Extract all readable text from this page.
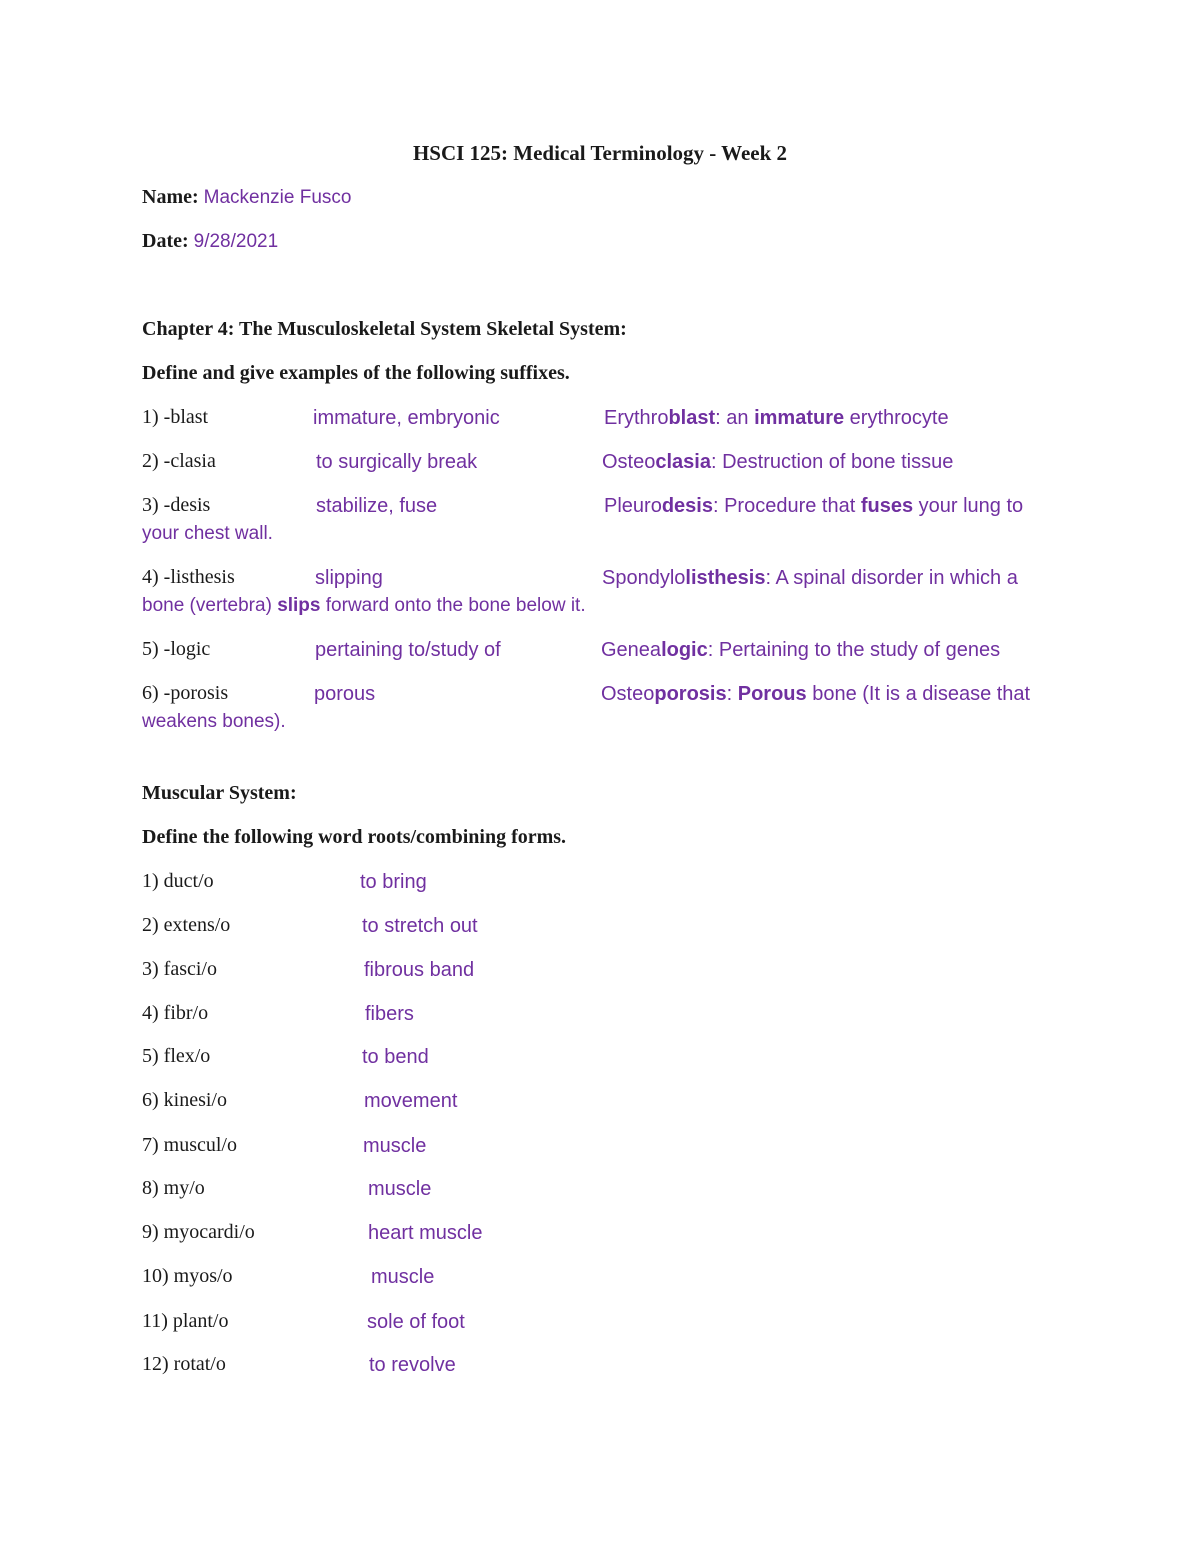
HSCI 125: Medical Terminology - Week 2
Name: Mackenzie Fusco
Date: 9/28/2021
Chapter 4: The Musculoskeletal System Skeletal System:
Define and give examples of the following suffixes.
1) -blast	immature, embryonic	Erythroblast: an immature erythrocyte
2) -clasia	to surgically break	Osteoclasia: Destruction of bone tissue
3) -desis	stabilize, fuse	Pleurodesis: Procedure that fuses your lung to
your chest wall.
4) -listhesis	slipping	Spondylolisthesis: A spinal disorder in which a
bone (vertebra) slips forward onto the bone below it.
5) -logic	pertaining to/study of	Genealogic: Pertaining to the study of genes
6) -porosis	porous	Osteoporosis: Porous bone (It is a disease that
weakens bones).
Muscular System:
Define the following word roots/combining forms.
1) duct/o	to bring
2) extens/o	to stretch out
3) fasci/o	fibrous band
4) fibr/o	fibers
5) flex/o	to bend
6) kinesi/o	movement
7) muscul/o	muscle
8) my/o	muscle
9) myocardi/o	heart muscle
10) myos/o	muscle
11) plant/o	sole of foot
12) rotat/o	to revolve
